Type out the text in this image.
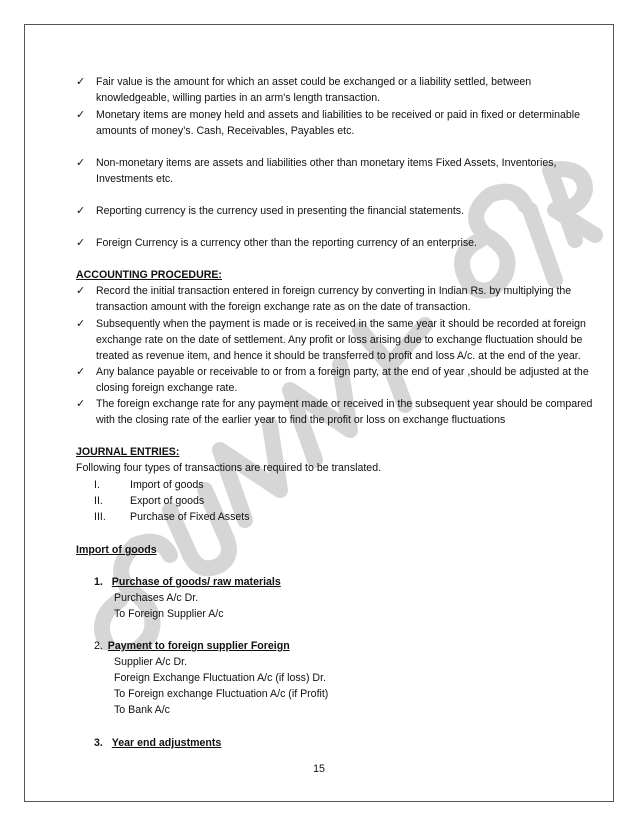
✓ Fair value is the amount for which an asset could be exchanged or a liability settled, between
knowledgeable, willing parties in an arm's length transaction.
✓ Monetary items are money held and assets and liabilities to be received or paid in fixed or determinable
amounts of money’s. Cash, Receivables, Payables etc.
✓ Non-monetary items are assets and liabilities other than monetary items Fixed Assets, Inventories,
Investments etc.
✓ Reporting currency is the currency used in presenting the financial statements.
✓ Foreign Currency is a currency other than the reporting currency of an enterprise.
ACCOUNTING PROCEDURE:
✓ Record the initial transaction entered in foreign currency by converting in Indian Rs. by multiplying the
transaction amount with the foreign exchange rate as on the date of transaction.
✓ Subsequently when the payment is made or is received in the same year it should be recorded at foreign
exchange rate on the date of settlement. Any profit or loss arising due to exchange fluctuation should be
treated as revenue item, and hence it should be transferred to profit and loss A/c. at the end of the year.
✓ Any balance payable or receivable to or from a foreign party, at the end of year ,should be adjusted at the
closing foreign exchange rate.
✓ The foreign exchange rate for any payment made or received in the subsequent year should be compared
with the closing rate of the earlier year to find the profit or loss on exchange fluctuations
JOURNAL ENTRIES:
Following four types of transactions are required to be translated.
I.	Import of goods
II.	Export of goods
III.	Purchase of Fixed Assets
Import of goods
1. Purchase of goods/ raw materials
Purchases A/c Dr.
To Foreign Supplier A/c
2. Payment to foreign supplier Foreign
Supplier A/c Dr.
Foreign Exchange Fluctuation A/c (if loss) Dr.
To Foreign exchange Fluctuation A/c (if Profit)
To Bank A/c
3. Year end adjustments
15
